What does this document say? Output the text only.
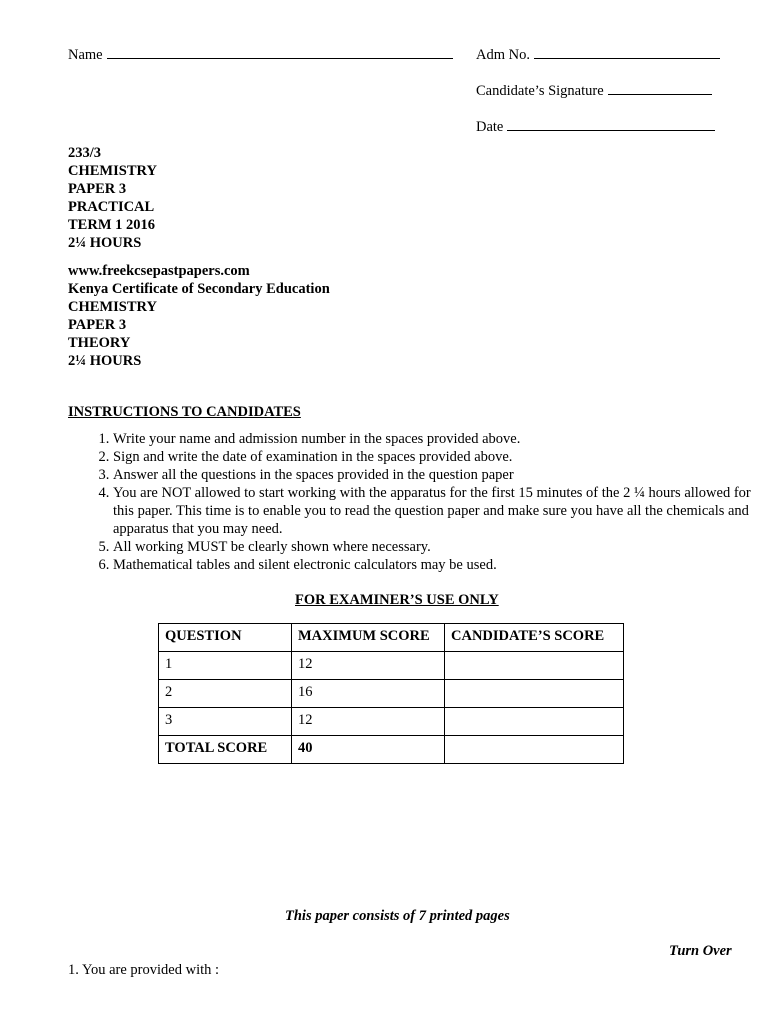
Name	Adm No.
Candidate’s Signature
Date
233/3
CHEMISTRY
PAPER 3
PRACTICAL
TERM 1 2016
2¼ HOURS
www.freekcsepastpapers.com
Kenya Certificate of Secondary Education
CHEMISTRY
PAPER 3
THEORY
2¼ HOURS
INSTRUCTIONS TO CANDIDATES
1. Write your name and admission number in the spaces provided above.
2. Sign and write the date of examination in the spaces provided above.
3. Answer all the questions in the spaces provided in the question paper
4. You are NOT allowed to start working with the apparatus for the first 15 minutes of the 2 ¼ hours allowed for this paper. This time is to enable you to read the question paper and make sure you have all the chemicals and apparatus that you may need.
5. All working MUST be clearly shown where necessary.
6. Mathematical tables and silent electronic calculators may be used.
FOR EXAMINER’S USE ONLY
QUESTION	MAXIMUM SCORE	CANDIDATE’S SCORE
1	12	
2	16	
3	12	
TOTAL SCORE	40	
This paper consists of 7 printed pages
Turn Over
1. You are provided with :
